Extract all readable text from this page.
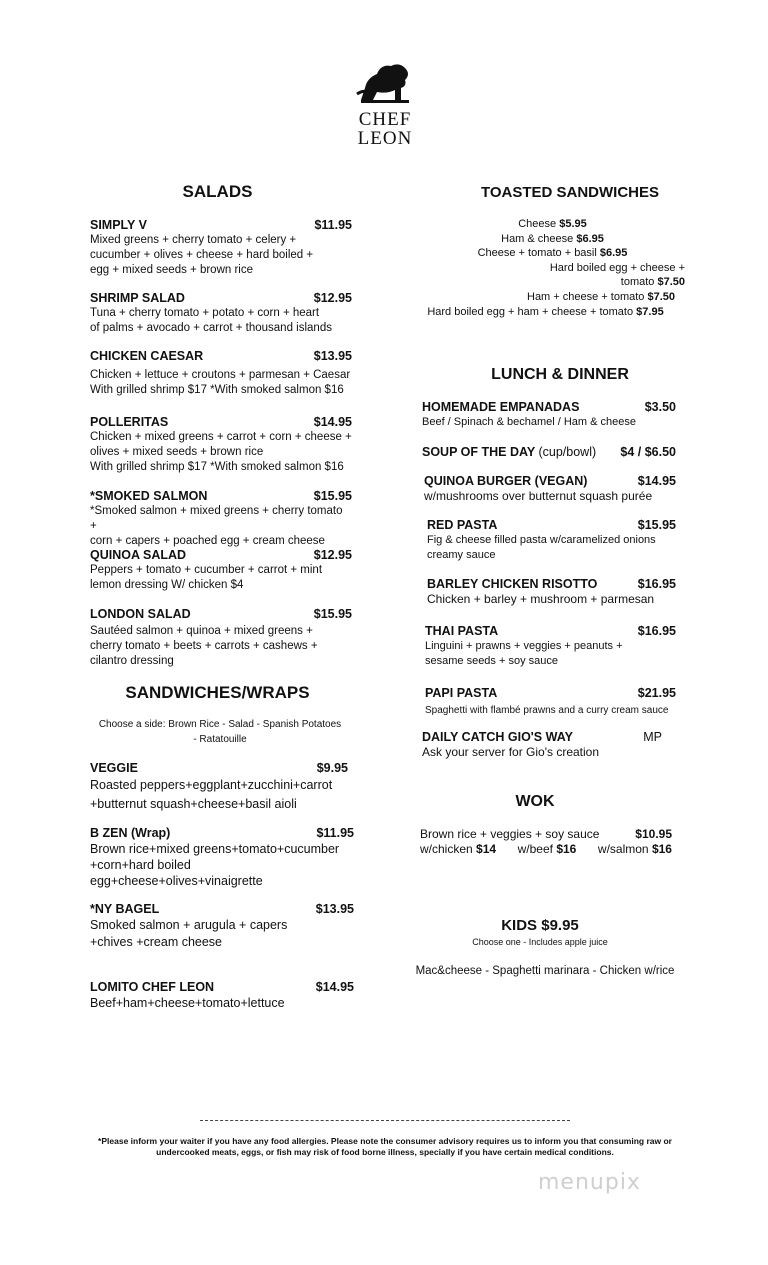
CHEF
LEON
SALADS
SIMPLY V	$11.95
Mixed greens + cherry tomato + celery +
cucumber + olives + cheese + hard boiled +
egg + mixed seeds + brown rice
SHRIMP SALAD	$12.95
Tuna + cherry tomato + potato + corn + heart
of palms + avocado + carrot + thousand islands
CHICKEN CAESAR	$13.95
Chicken + lettuce + croutons + parmesan + Caesar
With grilled shrimp $17 *With smoked salmon $16
POLLERITAS	$14.95
Chicken + mixed greens + carrot + corn + cheese +
olives + mixed seeds + brown rice
With grilled shrimp $17 *With smoked salmon $16
*SMOKED SALMON	$15.95
*Smoked salmon + mixed greens + cherry tomato +
corn + capers + poached egg + cream cheese
QUINOA SALAD	$12.95
Peppers + tomato + cucumber + carrot + mint
lemon dressing W/ chicken $4
LONDON SALAD	$15.95
Sautéed salmon + quinoa + mixed greens +
cherry tomato + beets + carrots + cashews +
cilantro dressing
SANDWICHES/WRAPS
Choose a side: Brown Rice - Salad - Spanish Potatoes
- Ratatouille
VEGGIE	$9.95
Roasted peppers+eggplant+zucchini+carrot
+butternut squash+cheese+basil aioli
B ZEN (Wrap)	$11.95
Brown rice+mixed greens+tomato+cucumber
+corn+hard boiled egg+cheese+olives+vinaigrette
*NY BAGEL	$13.95
Smoked salmon + arugula + capers
+chives +cream cheese
LOMITO CHEF LEON	$14.95
Beef+ham+cheese+tomato+lettuce
TOASTED SANDWICHES
Cheese $5.95
Ham & cheese $6.95
Cheese + tomato + basil $6.95
Hard boiled egg + cheese + tomato $7.50
Ham + cheese + tomato $7.50
Hard boiled egg + ham + cheese + tomato $7.95
LUNCH & DINNER
HOMEMADE EMPANADAS	$3.50
Beef / Spinach & bechamel / Ham & cheese
SOUP OF THE DAY (cup/bowl) $4 / $6.50
QUINOA BURGER (VEGAN)	$14.95
w/mushrooms over butternut squash purée
RED PASTA	$15.95
Fig & cheese filled pasta w/caramelized onions
creamy sauce
BARLEY CHICKEN RISOTTO	$16.95
Chicken + barley + mushroom + parmesan
THAI PASTA	$16.95
Linguini + prawns + veggies + peanuts +
sesame seeds + soy sauce
PAPI PASTA	$21.95
Spaghetti with flambé prawns and a curry cream sauce
DAILY CATCH GIO'S WAY	MP
Ask your server for Gio's creation
WOK
Brown rice + veggies + soy sauce	$10.95
w/chicken $14 w/beef $16 w/salmon $16
KIDS $9.95
Choose one - Includes apple juice
Mac&cheese - Spaghetti marinara - Chicken w/rice
*Please inform your waiter if you have any food allergies. Please note the consumer advisory requires us to inform you that consuming raw or undercooked meats, eggs, or fish may risk of food borne illness, specially if you have certain medical conditions.
menupix
